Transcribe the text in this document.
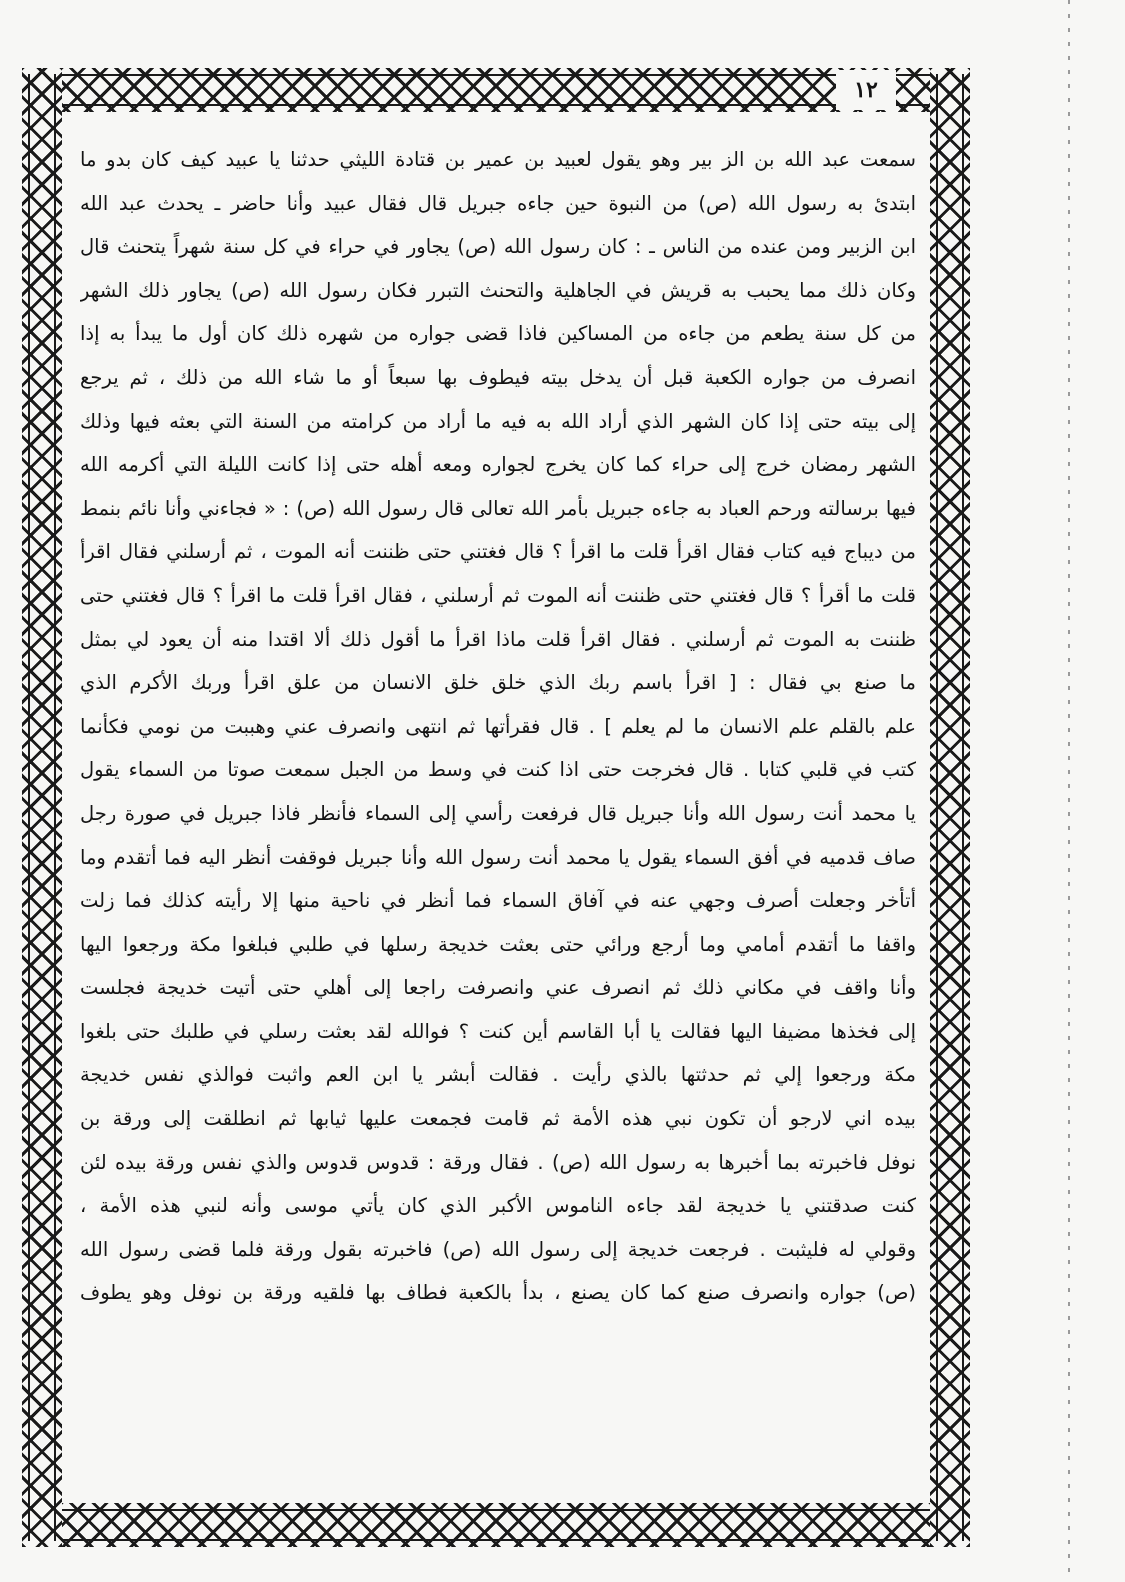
١٢
سمعت عبد الله بن الز بير وهو يقول لعبيد بن عمير بن قتادة الليثي حدثنا يا عبيد كيف كان بدو ما
ابتدئ به رسول الله (ص) من النبوة حين جاءه جبريل قال فقال عبيد وأنا حاضر ـ يحدث عبد الله
ابن الزبير ومن عنده من الناس ـ : كان رسول الله (ص) يجاور في حراء في كل سنة شهراً يتحنث قال
وكان ذلك مما يحبب به قريش في الجاهلية والتحنث التبرر فكان رسول الله (ص) يجاور ذلك الشهر
من كل سنة يطعم من جاءه من المساكين فاذا قضى جواره من شهره ذلك كان أول ما يبدأ به إذا
انصرف من جواره الكعبة قبل أن يدخل بيته فيطوف بها سبعاً أو ما شاء الله من ذلك ، ثم يرجع
إلى بيته حتى إذا كان الشهر الذي أراد الله به فيه ما أراد من كرامته من السنة التي بعثه فيها وذلك
الشهر رمضان خرج إلى حراء كما كان يخرج لجواره ومعه أهله حتى إذا كانت الليلة التي أكرمه الله
فيها برسالته ورحم العباد به جاءه جبريل بأمر الله تعالى قال رسول الله (ص) : « فجاءني وأنا نائم بنمط
من ديباج فيه كتاب فقال اقرأ قلت ما اقرأ ؟ قال فغتني حتى ظننت أنه الموت ، ثم أرسلني فقال اقرأ
قلت ما أقرأ ؟ قال فغتني حتى ظننت أنه الموت ثم أرسلني ، فقال اقرأ قلت ما اقرأ ؟ قال فغتني حتى
ظننت به الموت ثم أرسلني . فقال اقرأ قلت ماذا اقرأ ما أقول ذلك ألا اقتدا منه أن يعود لي بمثل
ما صنع بي فقال : [ اقرأ باسم ربك الذي خلق خلق الانسان من علق اقرأ وربك الأكرم الذي
علم بالقلم علم الانسان ما لم يعلم ] . قال فقرأتها ثم انتهى وانصرف عني وهببت من نومي فكأنما
كتب في قلبي كتابا . قال فخرجت حتى اذا كنت في وسط من الجبل سمعت صوتا من السماء يقول
يا محمد أنت رسول الله وأنا جبريل قال فرفعت رأسي إلى السماء فأنظر فاذا جبريل في صورة رجل
صاف قدميه في أفق السماء يقول يا محمد أنت رسول الله وأنا جبريل فوقفت أنظر اليه فما أتقدم وما
أتأخر وجعلت أصرف وجهي عنه في آفاق السماء فما أنظر في ناحية منها إلا رأيته كذلك فما زلت
واقفا ما أتقدم أمامي وما أرجع ورائي حتى بعثت خديجة رسلها في طلبي فبلغوا مكة ورجعوا اليها
وأنا واقف في مكاني ذلك ثم انصرف عني وانصرفت راجعا إلى أهلي حتى أتيت خديجة فجلست
إلى فخذها مضيفا اليها فقالت يا أبا القاسم أين كنت ؟ فوالله لقد بعثت رسلي في طلبك حتى بلغوا
مكة ورجعوا إلي ثم حدثتها بالذي رأيت . فقالت أبشر يا ابن العم واثبت فوالذي نفس خديجة
بيده اني لارجو أن تكون نبي هذه الأمة ثم قامت فجمعت عليها ثيابها ثم انطلقت إلى ورقة بن
نوفل فاخبرته بما أخبرها به رسول الله (ص) . فقال ورقة : قدوس قدوس والذي نفس ورقة بيده لئن
كنت صدقتني يا خديجة لقد جاءه الناموس الأكبر الذي كان يأتي موسى وأنه لنبي هذه الأمة ،
وقولي له فليثبت . فرجعت خديجة إلى رسول الله (ص) فاخبرته بقول ورقة فلما قضى رسول الله
(ص) جواره وانصرف صنع كما كان يصنع ، بدأ بالكعبة فطاف بها فلقيه ورقة بن نوفل وهو يطوف
